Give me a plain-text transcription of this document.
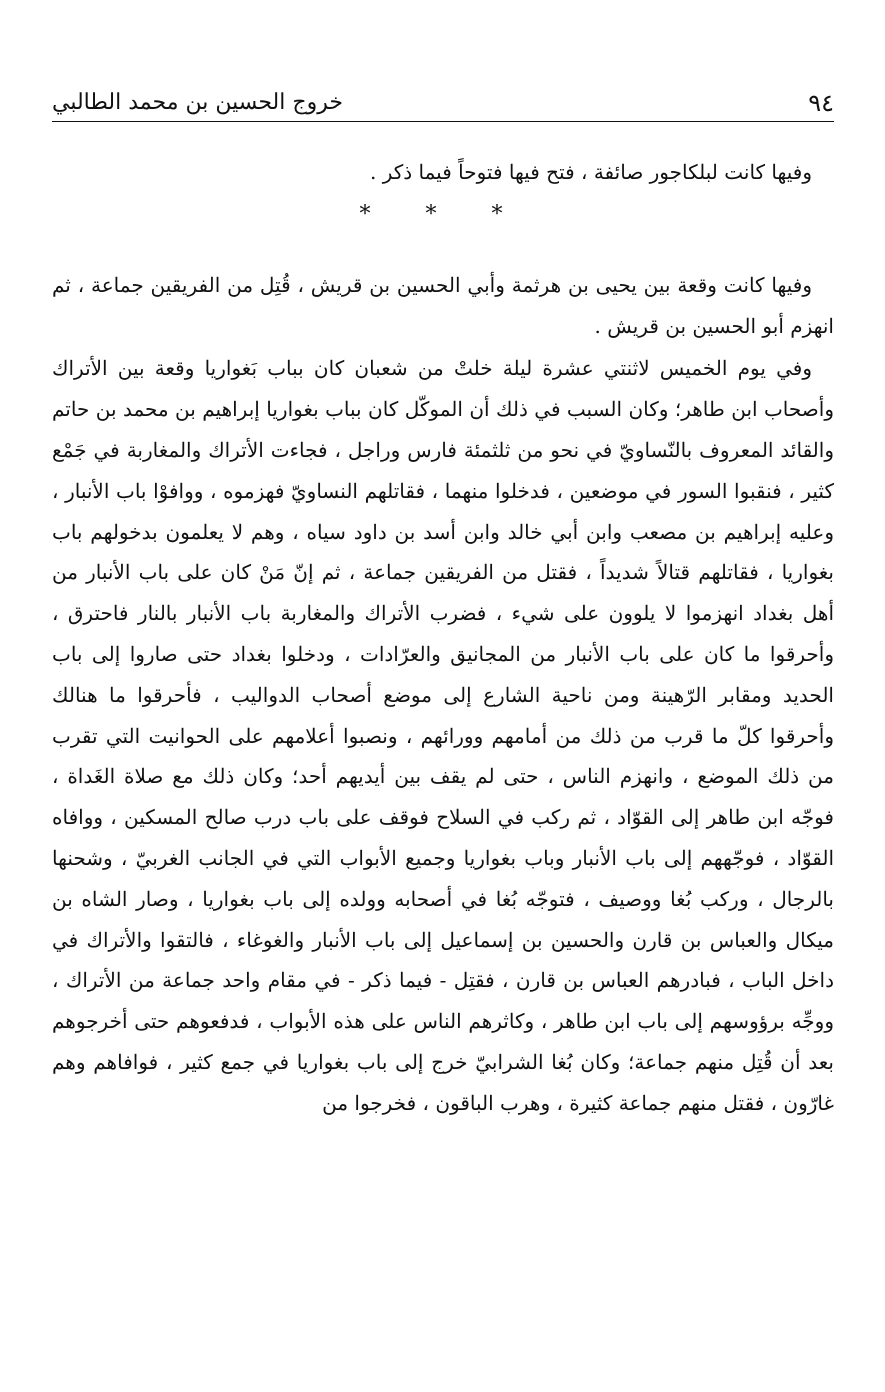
٩٤
خروج الحسين بن محمد الطالبي

وفيها كانت لبلكاجور صائفة ، فتح فيها فتوحاً فيما ذكر .

* * *

وفيها كانت وقعة بين يحيى بن هرثمة وأبي الحسين بن قريش ، قُتِل من الفريقين جماعة ، ثم انهزم أبو الحسين بن قريش .

وفي يوم الخميس لاثنتي عشرة ليلة خلتْ من شعبان كان بباب بَغواريا وقعة بين الأتراك وأصحاب ابن طاهر؛ وكان السبب في ذلك أن الموكّل كان بباب بغواريا إبراهيم بن محمد بن حاتم والقائد المعروف بالنّساويّ في نحو من ثلثمئة فارس وراجل ، فجاءت الأتراك والمغاربة في جَمْع كثير ، فنقبوا السور في موضعين ، فدخلوا منهما ، فقاتلهم النساويّ فهزموه ، ووافوْا باب الأنبار ، وعليه إبراهيم بن مصعب وابن أبي خالد وابن أسد بن داود سياه ، وهم لا يعلمون بدخولهم باب بغواريا ، فقاتلهم قتالاً شديداً ، فقتل من الفريقين جماعة ، ثم إنّ مَنْ كان على باب الأنبار من أهل بغداد انهزموا لا يلوون على شيء ، فضرب الأتراك والمغاربة باب الأنبار بالنار فاحترق ، وأحرقوا ما كان على باب الأنبار من المجانيق والعرّادات ، ودخلوا بغداد حتى صاروا إلى باب الحديد ومقابر الرّهينة ومن ناحية الشارع إلى موضع أصحاب الدواليب ، فأحرقوا ما هنالك وأحرقوا كلّ ما قرب من ذلك من أمامهم وورائهم ، ونصبوا أعلامهم على الحوانيت التي تقرب من ذلك الموضع ، وانهزم الناس ، حتى لم يقف بين أيديهم أحد؛ وكان ذلك مع صلاة الغَداة ، فوجّه ابن طاهر إلى القوّاد ، ثم ركب في السلاح فوقف على باب درب صالح المسكين ، ووافاه القوّاد ، فوجّههم إلى باب الأنبار وباب بغواريا وجميع الأبواب التي في الجانب الغربيّ ، وشحنها بالرجال ، وركب بُغا ووصيف ، فتوجّه بُغا في أصحابه وولده إلى باب بغواريا ، وصار الشاه بن ميكال والعباس بن قارن والحسين بن إسماعيل إلى باب الأنبار والغوغاء ، فالتقوا والأتراك في داخل الباب ، فبادرهم العباس بن قارن ، فقتِل - فيما ذكر - في مقام واحد جماعة من الأتراك ، ووجِّه برؤوسهم إلى باب ابن طاهر ، وكاثرهم الناس على هذه الأبواب ، فدفعوهم حتى أخرجوهم بعد أن قُتِل منهم جماعة؛ وكان بُغا الشرابيّ خرج إلى باب بغواريا في جمع كثير ، فوافاهم وهم غارّون ، فقتل منهم جماعة كثيرة ، وهرب الباقون ، فخرجوا من
